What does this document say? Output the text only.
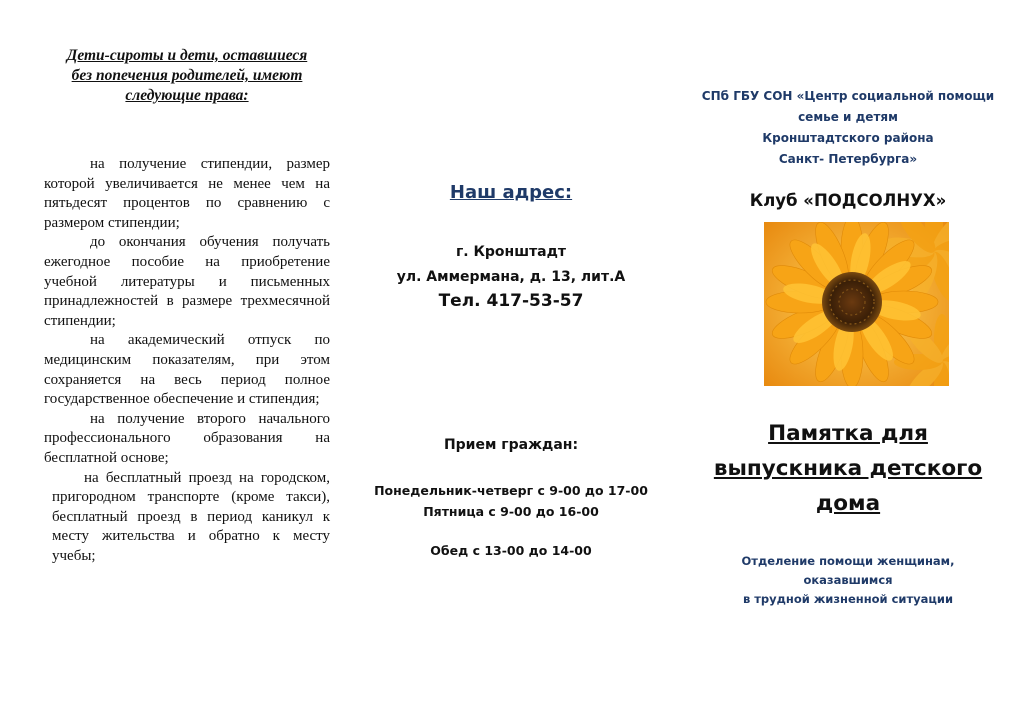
Дети-сироты и дети, оставшиеся
без попечения родителей, имеют
следующие права:

на получение стипендии, размер которой увеличивается не менее чем на пятьдесят процентов по сравнению с размером стипендии;

до окончания обучения получать ежегодное пособие на приобретение учебной литературы и письменных принадлежностей в размере трехмесячной стипендии;

на академический отпуск по медицинским показателям, при этом сохраняется на весь период полное государственное обеспечение и стипендия;

на получение второго начального профессионального образования на бесплатной основе;

на бесплатный проезд на городском, пригородном транспорте (кроме такси), бесплатный проезд в период каникул к месту жительства и обратно к месту учебы;

Наш адрес:
г. Кронштадт
ул. Аммермана, д. 13, лит.А
Тел. 417-53-57
Прием граждан:
Понедельник-четверг с 9-00 до 17-00
Пятница с 9-00 до 16-00
Обед с 13-00 до 14-00
СПб ГБУ СОН «Центр социальной помощи
семье и детям
Кронштадтского района
Санкт- Петербурга»
Клуб «ПОДСОЛНУХ»
Памятка для
выпускника детского
дома
Отделение помощи женщинам,
оказавшимся
в трудной жизненной ситуации
